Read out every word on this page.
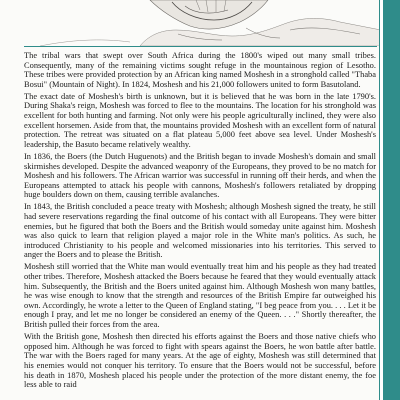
The tribal wars that swept over South Africa during the 1800's wiped out many small tribes. Consequently, many of the remaining victims sought refuge in the mountainous region of Lesotho. These tribes were provided protection by an African king named Moshesh in a stronghold called "Thaba Bosui" (Mountain of Night). In 1824, Moshesh and his 21,000 followers united to form Basutoland.

The exact date of Moshesh's birth is unknown, but it is believed that he was born in the late 1790's. During Shaka's reign, Moshesh was forced to flee to the mountains. The location for his stronghold was excellent for both hunting and farming. Not only were his people agriculturally inclined, they were also excellent horsemen. Aside from that, the mountains provided Moshesh with an excellent form of natural protection. The retreat was situated on a flat plateau 5,000 feet above sea level. Under Moshesh's leadership, the Basuto became relatively wealthy.

In 1836, the Boers (the Dutch Huguenots) and the British began to invade Moshesh's domain and small skirmishes developed. Despite the advanced weaponry of the Europeans, they proved to be no match for Moshesh and his followers. The African warrior was successful in running off their herds, and when the Europeans attempted to attack his people with cannons, Moshesh's followers retaliated by dropping huge boulders down on them, causing terrible avalanches.

In 1843, the British concluded a peace treaty with Moshesh; although Moshesh signed the treaty, he still had severe reservations regarding the final outcome of his contact with all Europeans. They were bitter enemies, but he figured that both the Boers and the British would someday unite against him. Moshesh was also quick to learn that religion played a major role in the White man's politics. As such, he introduced Christianity to his people and welcomed missionaries into his territories. This served to anger the Boers and to please the British.

Moshesh still worried that the White man would eventually treat him and his people as they had treated other tribes. Therefore, Moshesh attacked the Boers because he feared that they would eventually attack him. Subsequently, the British and the Boers united against him. Although Moshesh won many battles, he was wise enough to know that the strength and resources of the British Empire far outweighed his own. Accordingly, he wrote a letter to the Queen of England stating, "I beg peace from you. . . . Let it be enough I pray, and let me no longer be considered an enemy of the Queen. . . ." Shortly thereafter, the British pulled their forces from the area.

With the British gone, Moshesh then directed his efforts against the Boers and those native chiefs who opposed him. Although he was forced to fight with spears against the Boers, he won battle after battle. The war with the Boers raged for many years. At the age of eighty, Moshesh was still determined that his enemies would not conquer his territory. To ensure that the Boers would not be successful, before his death in 1870, Moshesh placed his people under the protection of the more distant enemy, the foe less able to raid
